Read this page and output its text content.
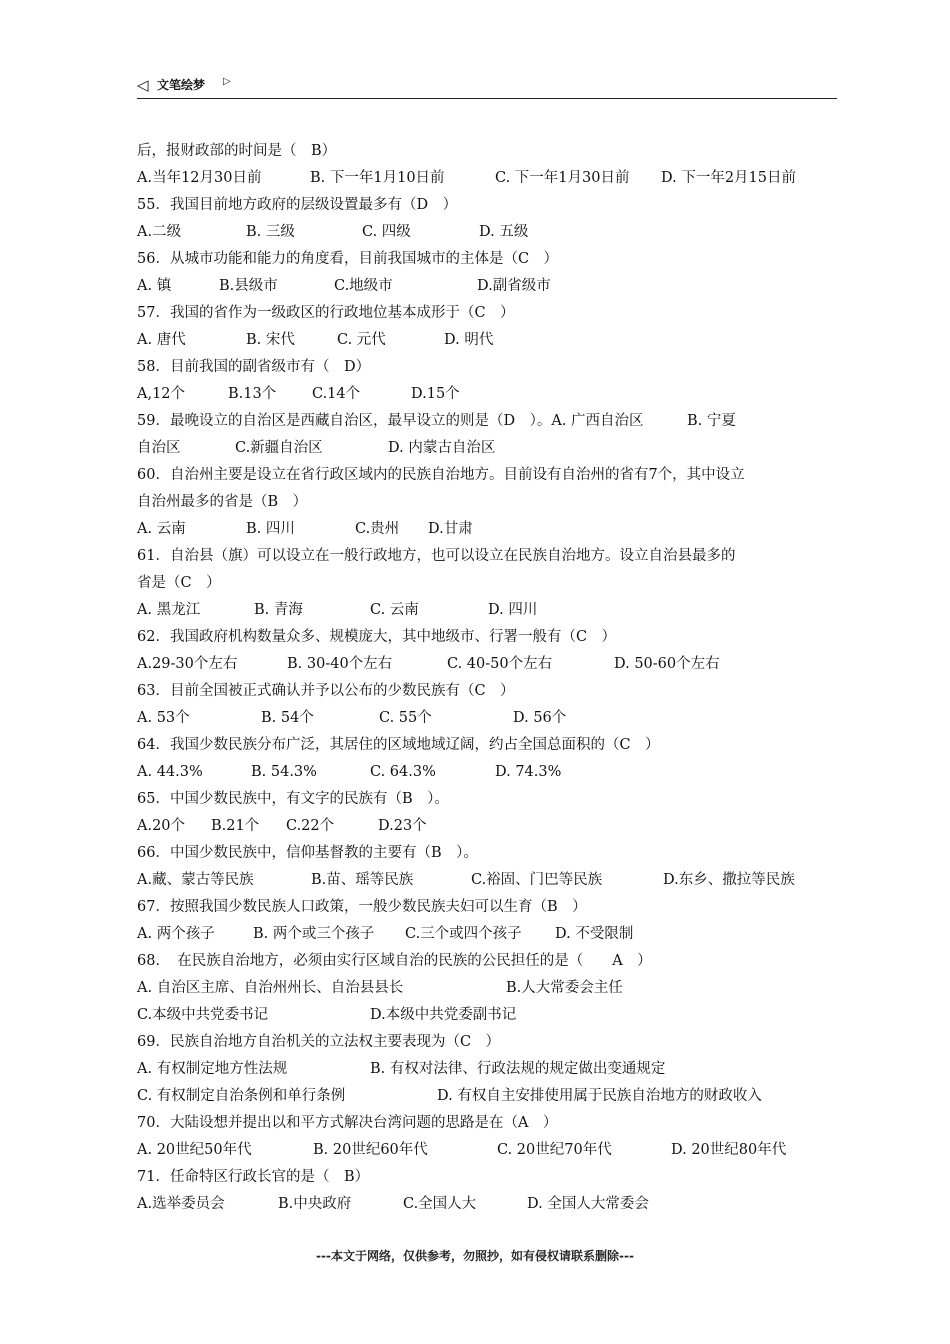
◁ 文笔绘梦 ▷
后，报财政部的时间是（　B）
A.当年12月30日前	B. 下一年1月10日前	C. 下一年1月30日前 D. 下一年2月15日前
55．我国目前地方政府的层级设置最多有（D　）
A.二级	B. 三级	C. 四级	D. 五级
56．从城市功能和能力的角度看，目前我国城市的主体是（C　）
A. 镇	B.县级市	C.地级市	D.副省级市
57．我国的省作为一级政区的行政地位基本成形于（C　）
A. 唐代	B. 宋代	C. 元代	D. 明代
58．目前我国的副省级市有（　D）
A,12个	B.13个 C.14个	D.15个
59．最晚设立的自治区是西藏自治区，最早设立的则是（D　）。A. 广西自治区　　　B. 宁夏
自治区	C.新疆自治区	D. 内蒙古自治区
60．自治州主要是设立在省行政区域内的民族自治地方。目前设有自治州的省有7个，其中设立
自治州最多的省是（B　）
A. 云南	B. 四川	C.贵州 D.甘肃
61．自治县（旗）可以设立在一般行政地方，也可以设立在民族自治地方。设立自治县最多的
省是（C　）
A. 黑龙江	B. 青海	C. 云南	D. 四川
62．我国政府机构数量众多、规模庞大，其中地级市、行署一般有（C　）
A.29-30个左右	B. 30-40个左右	C. 40-50个左右	D. 50-60个左右
63．目前全国被正式确认并予以公布的少数民族有（C　）
A. 53个	B. 54个	C. 55个	D. 56个
64．我国少数民族分布广泛，其居住的区域地域辽阔，约占全国总面积的（C　）
A. 44.3%	B. 54.3%	C. 64.3%	D. 74.3%
65．中国少数民族中，有文字的民族有（B　）。
A.20个 B.21个 C.22个	D.23个
66．中国少数民族中，信仰基督教的主要有（B　）。
A.藏、蒙古等民族	B.苗、瑶等民族	C.裕固、门巴等民族	D.东乡、撒拉等民族
67．按照我国少数民族人口政策，一般少数民族夫妇可以生育（B　）
A. 两个孩子	B. 两个或三个孩子 C.三个或四个孩子 D. 不受限制
68．　在民族自治地方，必须由实行区域自治的民族的公民担任的是（　　A　）
A. 自治区主席、自治州州长、自治县县长	B.人大常委会主任
C.本级中共党委书记	D.本级中共党委副书记
69．民族自治地方自治机关的立法权主要表现为（C　）
A. 有权制定地方性法规	B. 有权对法律、行政法规的规定做出变通规定
C. 有权制定自治条例和单行条例	D. 有权自主安排使用属于民族自治地方的财政收入
70．大陆设想并提出以和平方式解决台湾问题的思路是在（A　）
A. 20世纪50年代	B. 20世纪60年代	C. 20世纪70年代	D. 20世纪80年代
71．任命特区行政长官的是（　B）
A.选举委员会	B.中央政府	C.全国人大	D. 全国人大常委会
---本文于网络，仅供参考，勿照抄，如有侵权请联系删除---
